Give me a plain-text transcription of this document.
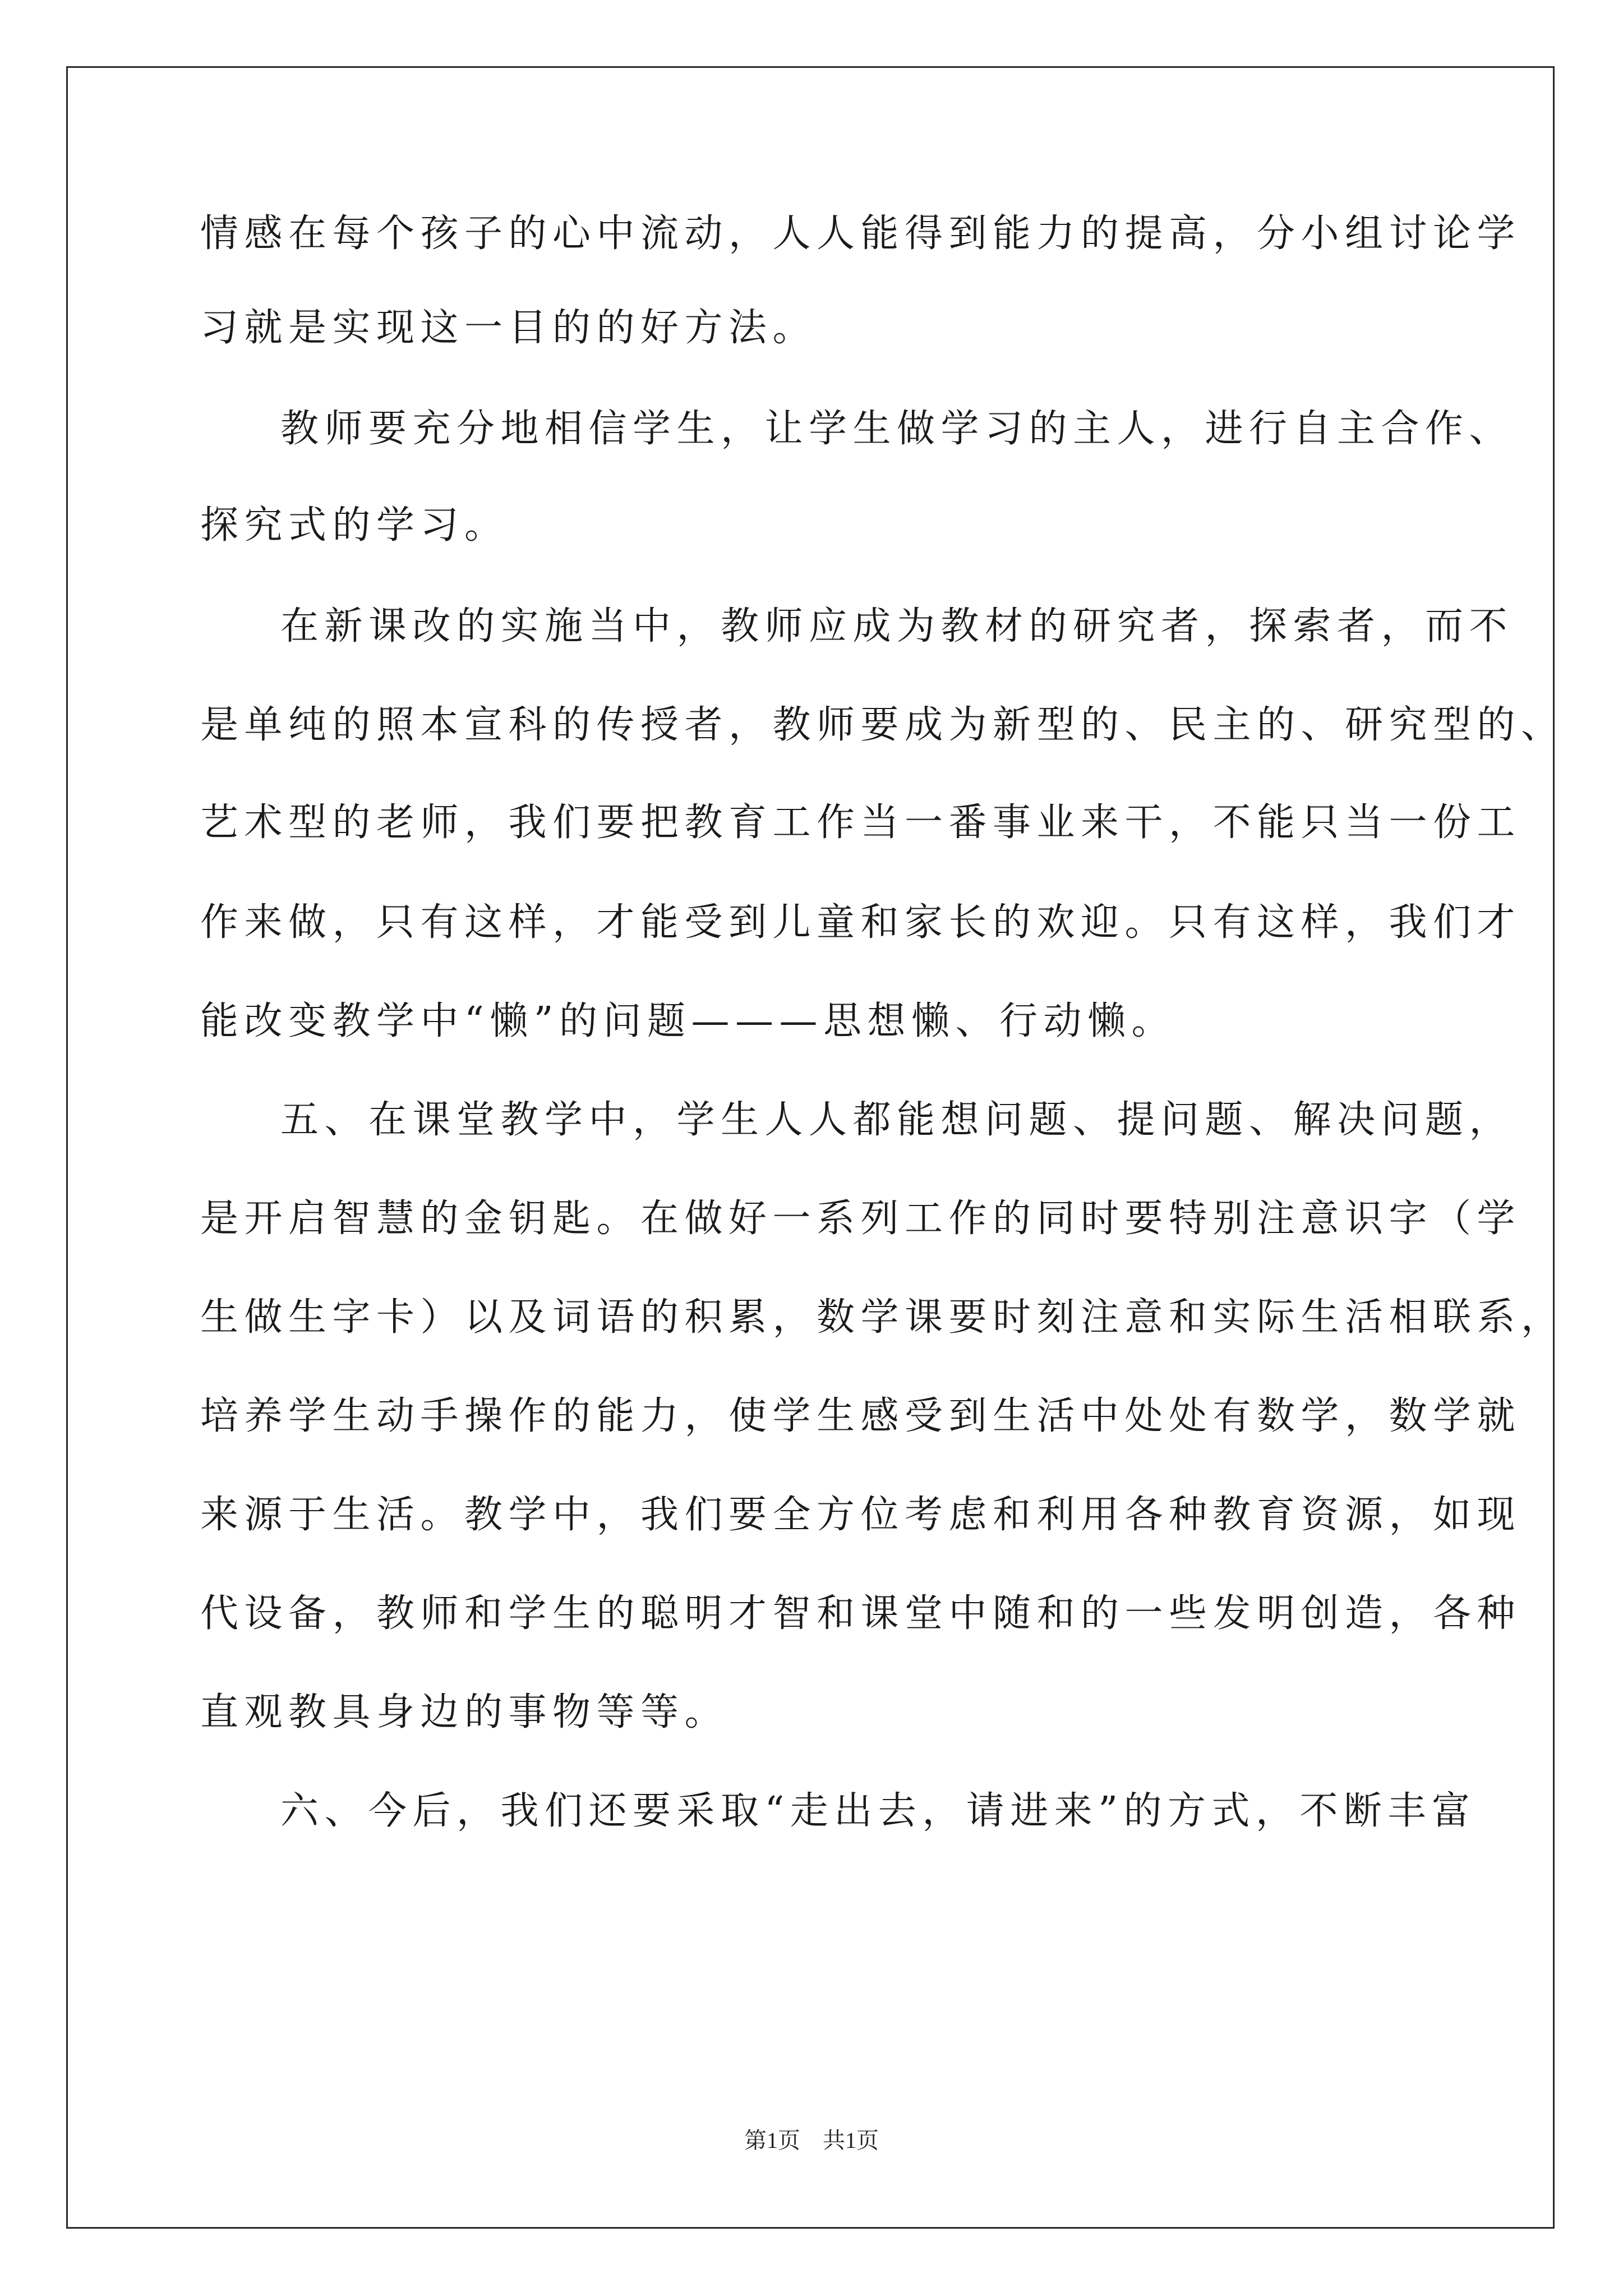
情感在每个孩子的心中流动，人人能得到能力的提高，分小组讨论学
习就是实现这一目的的好方法。
教师要充分地相信学生，让学生做学习的主人，进行自主合作、
探究式的学习。
在新课改的实施当中，教师应成为教材的研究者，探索者，而不
是单纯的照本宣科的传授者，教师要成为新型的、民主的、研究型的、
艺术型的老师，我们要把教育工作当一番事业来干，不能只当一份工
作来做，只有这样，才能受到儿童和家长的欢迎。只有这样，我们才
能改变教学中“懒”的问题———思想懒、行动懒。
五、在课堂教学中，学生人人都能想问题、提问题、解决问题，
是开启智慧的金钥匙。在做好一系列工作的同时要特别注意识字（学
生做生字卡）以及词语的积累，数学课要时刻注意和实际生活相联系，
培养学生动手操作的能力，使学生感受到生活中处处有数学，数学就
来源于生活。教学中，我们要全方位考虑和利用各种教育资源，如现
代设备，教师和学生的聪明才智和课堂中随和的一些发明创造，各种
直观教具身边的事物等等。
六、今后，我们还要采取“走出去，请进来”的方式，不断丰富
第1页 共1页
